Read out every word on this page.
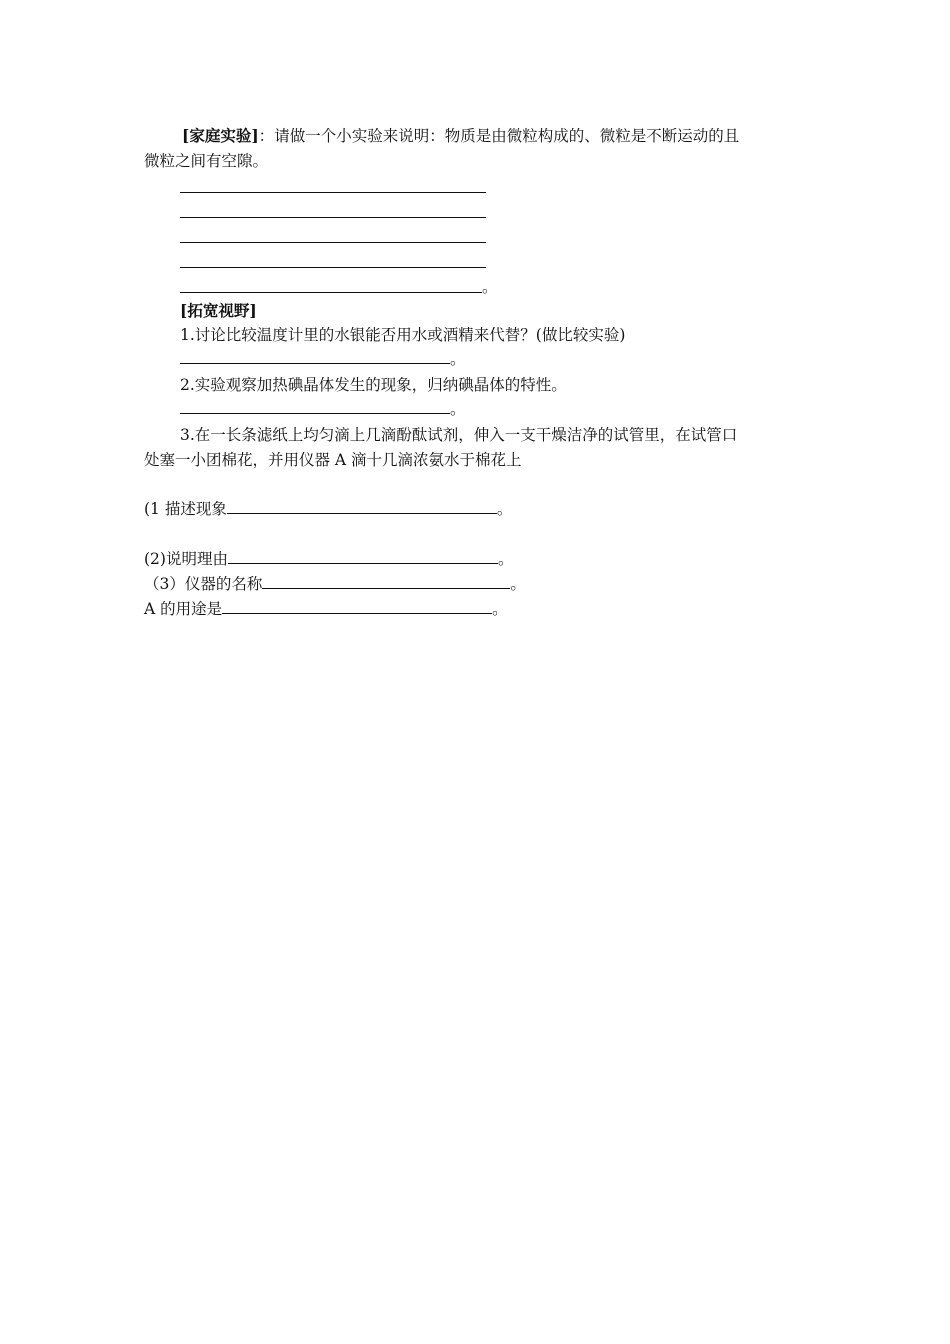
[家庭实验]：请做一个小实验来说明：物质是由微粒构成的、微粒是不断运动的且
微粒之间有空隙。
。
[拓宽视野]
1.讨论比较温度计里的水银能否用水或酒精来代替？(做比较实验)
。
2.实验观察加热碘晶体发生的现象，归纳碘晶体的特性。
。
3.在一长条滤纸上均匀滴上几滴酚酞试剂，伸入一支干燥洁净的试管里，在试管口
处塞一小团棉花，并用仪器 A 滴十几滴浓氨水于棉花上
(1 描述现象	。
(2)说明理由	。
（3）仪器的名称	。
A 的用途是	。
